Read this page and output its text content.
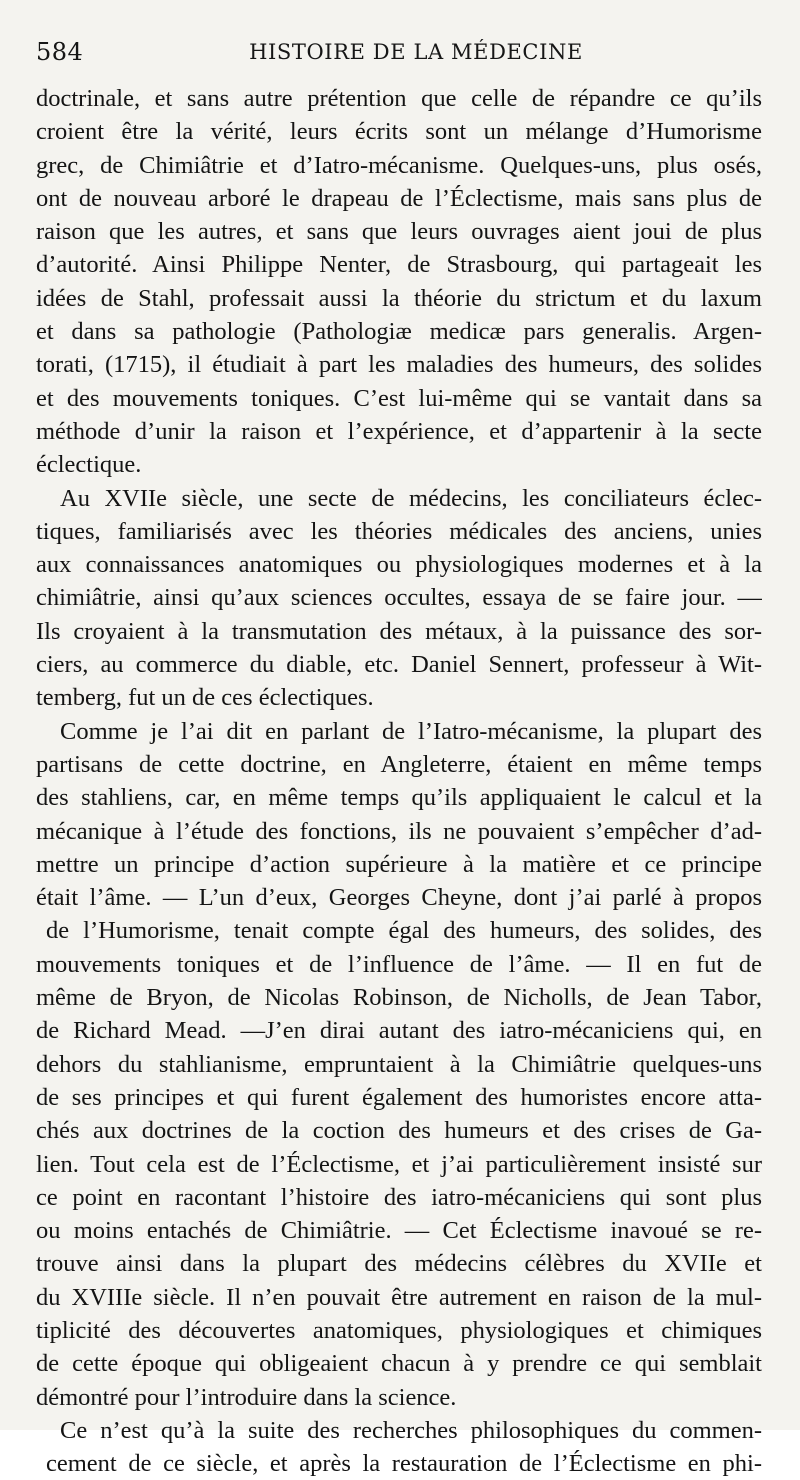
584	HISTOIRE DE LA MÉDECINE
doctrinale, et sans autre prétention que celle de répandre ce qu’ils
croient être la vérité, leurs écrits sont un mélange d’Humorisme
grec, de Chimiâtrie et d’Iatro-mécanisme. Quelques-uns, plus osés,
ont de nouveau arboré le drapeau de l’Éclectisme, mais sans plus de
raison que les autres, et sans que leurs ouvrages aient joui de plus
d’autorité. Ainsi Philippe Nenter, de Strasbourg, qui partageait les
idées de Stahl, professait aussi la théorie du strictum et du laxum
et dans sa pathologie (Pathologiæ medicæ pars generalis. Argen-
torati, (1715), il étudiait à part les maladies des humeurs, des solides
et des mouvements toniques. C’est lui-même qui se vantait dans sa
méthode d’unir la raison et l’expérience, et d’appartenir à la secte
éclectique.
Au XVIIe siècle, une secte de médecins, les conciliateurs éclec-
tiques, familiarisés avec les théories médicales des anciens, unies
aux connaissances anatomiques ou physiologiques modernes et à la
chimiâtrie, ainsi qu’aux sciences occultes, essaya de se faire jour. —
Ils croyaient à la transmutation des métaux, à la puissance des sor-
ciers, au commerce du diable, etc. Daniel Sennert, professeur à Wit-
temberg, fut un de ces éclectiques.
Comme je l’ai dit en parlant de l’Iatro-mécanisme, la plupart des
partisans de cette doctrine, en Angleterre, étaient en même temps
des stahliens, car, en même temps qu’ils appliquaient le calcul et la
mécanique à l’étude des fonctions, ils ne pouvaient s’empêcher d’ad-
mettre un principe d’action supérieure à la matière et ce principe
était l’âme. — L’un d’eux, Georges Cheyne, dont j’ai parlé à propos
de l’Humorisme, tenait compte égal des humeurs, des solides, des
mouvements toniques et de l’influence de l’âme. — Il en fut de
même de Bryon, de Nicolas Robinson, de Nicholls, de Jean Tabor,
de Richard Mead. —J’en dirai autant des iatro-mécaniciens qui, en
dehors du stahlianisme, empruntaient à la Chimiâtrie quelques-uns
de ses principes et qui furent également des humoristes encore atta-
chés aux doctrines de la coction des humeurs et des crises de Ga-
lien. Tout cela est de l’Éclectisme, et j’ai particulièrement insisté sur
ce point en racontant l’histoire des iatro-mécaniciens qui sont plus
ou moins entachés de Chimiâtrie. — Cet Éclectisme inavoué se re-
trouve ainsi dans la plupart des médecins célèbres du XVIIe et
du XVIIIe siècle. Il n’en pouvait être autrement en raison de la mul-
tiplicité des découvertes anatomiques, physiologiques et chimiques
de cette époque qui obligeaient chacun à y prendre ce qui semblait
démontré pour l’introduire dans la science.
Ce n’est qu’à la suite des recherches philosophiques du commen-
cement de ce siècle, et après la restauration de l’Éclectisme en phi-
